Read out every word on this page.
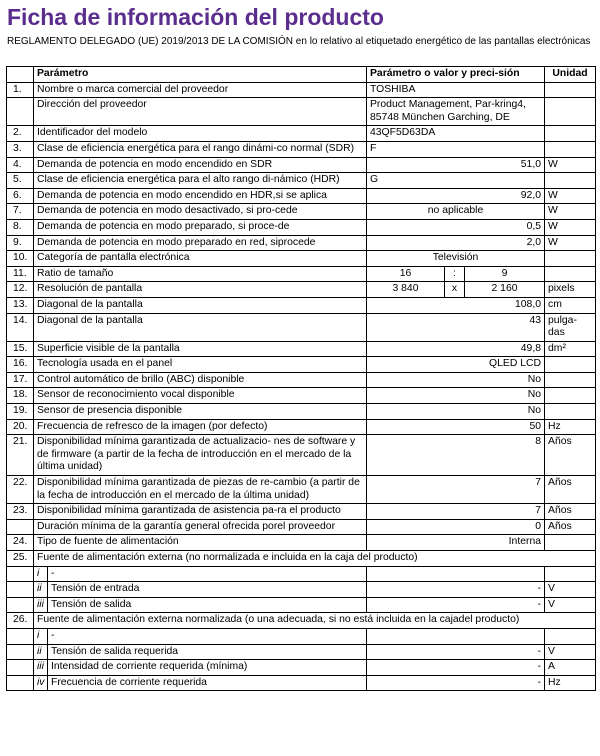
Ficha de información del producto
REGLAMENTO DELEGADO (UE) 2019/2013 DE LA COMISIÓN en lo relativo al etiquetado energético de las pantallas electrónicas
	Parámetro		Parámetro o valor y preci-sión			Unidad
1.	Nombre o marca comercial del proveedor		TOSHIBA			
	Dirección del proveedor		Product Management, Par-kring4, 85748 München Garching, DE			
2.	Identificador del modelo		43QF5D63DA			
3.	Clase de eficiencia energética para el rango dinámi-co normal (SDR)		F			
4.	Demanda de potencia en modo encendido en SDR		51,0			W
5.	Clase de eficiencia energética para el alto rango di-námico (HDR)		G			
6.	Demanda de potencia en modo encendido en HDR,si se aplica		92,0			W
7.	Demanda de potencia en modo desactivado, si pro-cede		no aplicable			W
8.	Demanda de potencia en modo preparado, si proce-de		0,5			W
9.	Demanda de potencia en modo preparado en red, siprocede		2,0			W
10.	Categoría de pantalla electrónica		Televisión			
11.	Ratio de tamaño		16	:	9	
12.	Resolución de pantalla		3 840	x	2 160	pixels
13.	Diagonal de la pantalla		108,0			cm
14.	Diagonal de la pantalla		43			pulga-das
15.	Superficie visible de la pantalla		49,8			dm²
16.	Tecnología usada en el panel		QLED LCD			
17.	Control automático de brillo (ABC) disponible		No			
18.	Sensor de reconocimiento vocal disponible		No			
19.	Sensor de presencia disponible		No			
20.	Frecuencia de refresco de la imagen (por defecto)		50			Hz
21.	Disponibilidad mínima garantizada de actualizacio- nes de software y de firmware (a partir de la fecha de introducción en el mercado de la última unidad)		8			Años
22.	Disponibilidad mínima garantizada de piezas de re-cambio (a partir de la fecha de introducción en el mercado de la última unidad)		7			Años
23.	Disponibilidad mínima garantizada de asistencia pa-ra el producto		7			Años
	Duración mínima de la garantía general ofrecida porel proveedor		0			Años
24.	Tipo de fuente de alimentación		Interna			
25.	Fuente de alimentación externa (no normalizada e incluida en la caja del producto)					
	i	-				
	ii	Tensión de entrada	-			V
	iii	Tensión de salida	-			V
26.	Fuente de alimentación externa normalizada (o una adecuada, si no está incluida en la cajadel producto)					
	i	-				
	ii	Tensión de salida requerida	-			V
	iii	Intensidad de corriente requerida (mínima)	-			A
	iv	Frecuencia de corriente requerida	-			Hz
